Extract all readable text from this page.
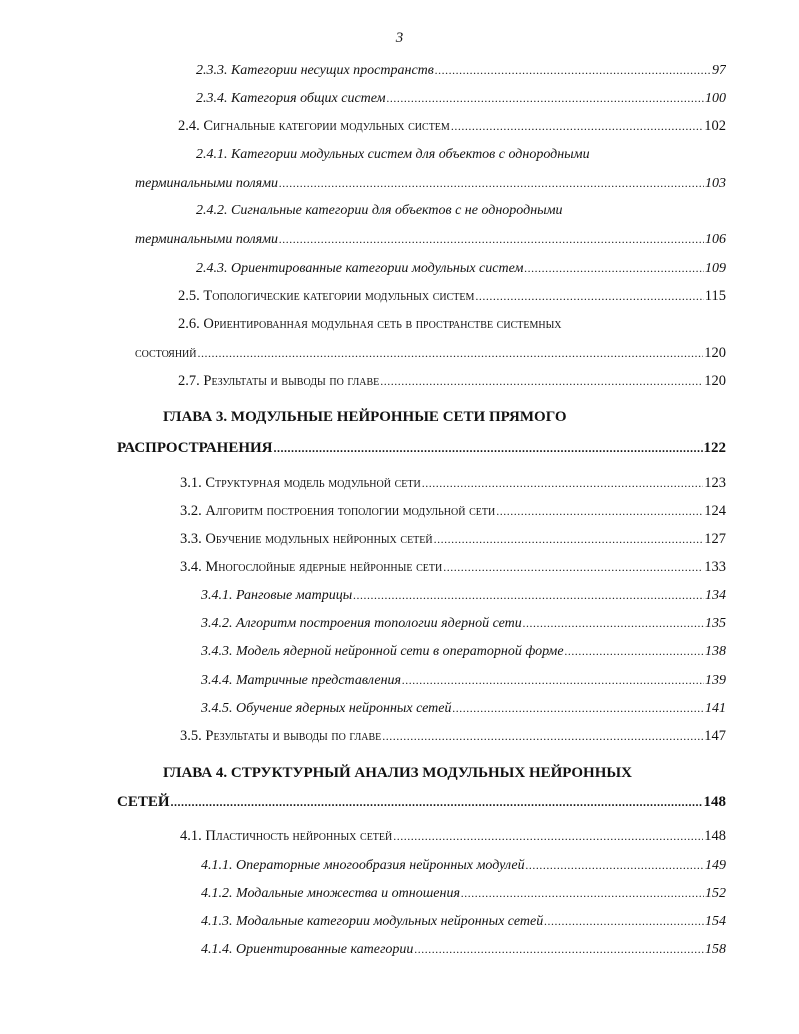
3
2.3.3. Категории несущих пространств .....	97
2.3.4. Категория общих систем .....	100
2.4. Сигнальные категории модульных систем .....	102
2.4.1. Категории модульных систем для объектов с однородными
терминальными полями .....	103
2.4.2. Сигнальные категории для объектов с не однородными
терминальными полями .....	106
2.4.3. Ориентированные категории модульных систем .....	109
2.5. Топологические категории модульных систем .....	115
2.6. Ориентированная модульная сеть в пространстве системных
состояний .....	120
2.7. Результаты и выводы по главе .....	120
ГЛАВА 3. МОДУЛЬНЫЕ НЕЙРОННЫЕ СЕТИ ПРЯМОГО
РАСПРОСТРАНЕНИЯ .....	122
3.1. Структурная модель модульной сети .....	123
3.2. Алгоритм построения топологии модульной сети .....	124
3.3. Обучение модульных нейронных сетей .....	127
3.4. Многослойные ядерные нейронные сети .....	133
3.4.1. Ранговые матрицы .....	134
3.4.2. Алгоритм построения топологии ядерной сети .....	135
3.4.3. Модель ядерной нейронной сети в операторной форме .....	138
3.4.4. Матричные представления .....	139
3.4.5. Обучение ядерных нейронных сетей .....	141
3.5. Результаты и выводы по главе .....	147
ГЛАВА 4. СТРУКТУРНЫЙ АНАЛИЗ МОДУЛЬНЫХ НЕЙРОННЫХ
СЕТЕЙ .....	148
4.1. Пластичность нейронных сетей .....	148
4.1.1. Операторные многообразия нейронных модулей .....	149
4.1.2. Модальные множества и отношения .....	152
4.1.3. Модальные категории модульных нейронных сетей .....	154
4.1.4. Ориентированные категории .....	158
